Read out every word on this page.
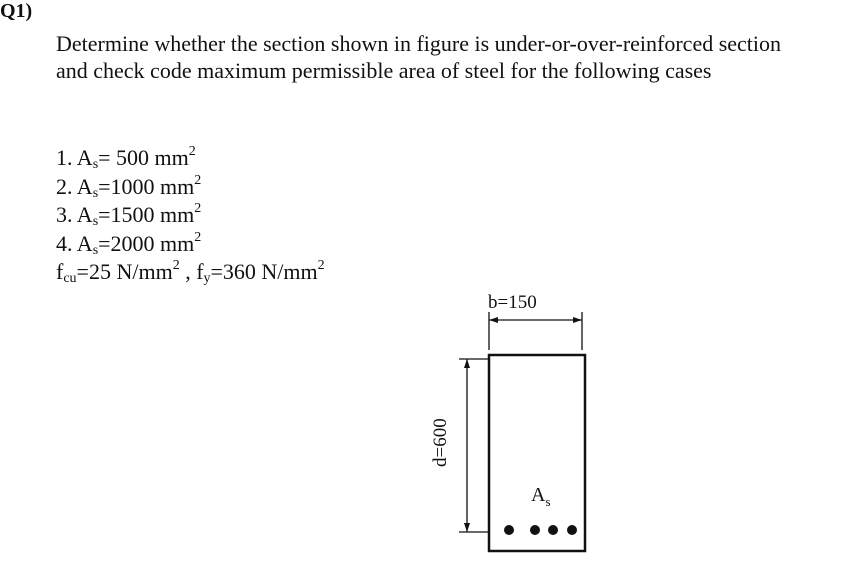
Q1)
Determine whether the section shown in figure is under-or-over-reinforced section and check code maximum permissible area of steel for the following cases
1. $A_s= 500$ $mm^2$
2. $A_s=1000$ $mm^2$
3. $A_s=1500$ $mm^2$
4. $A_s=2000$ $mm^2$
$f_{cu}=25$ $N/mm^2$ , $f_y=360$ $N/mm^2$
b=150
d=600
$A_s$
